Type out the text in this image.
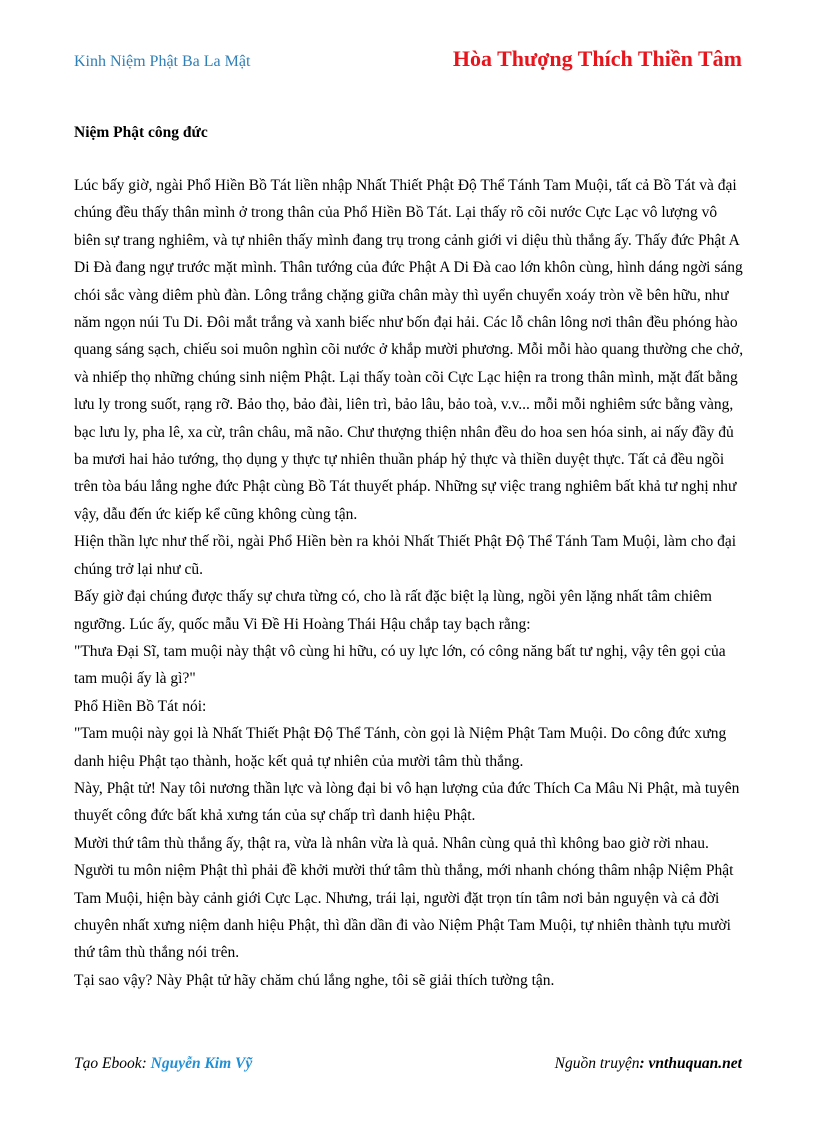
Kinh Niệm Phật Ba La Mật	Hòa Thượng Thích Thiền Tâm

Niệm Phật công đức

Lúc bấy giờ, ngài Phổ Hiền Bồ Tát liền nhập Nhất Thiết Phật Độ Thể Tánh Tam Muội, tất cả Bồ Tát và đại chúng đều thấy thân mình ở trong thân của Phổ Hiền Bồ Tát. Lại thấy rõ cõi nước Cực Lạc vô lượng vô biên sự trang nghiêm, và tự nhiên thấy mình đang trụ trong cảnh giới vi diệu thù thắng ấy. Thấy đức Phật A Di Đà đang ngự trước mặt mình. Thân tướng của đức Phật A Di Đà cao lớn khôn cùng, hình dáng ngời sáng chói sắc vàng diêm phù đàn. Lông trắng chặng giữa chân mày thì uyển chuyển xoáy tròn về bên hữu, như năm ngọn núi Tu Di. Đôi mắt trắng và xanh biếc như bốn đại hải. Các lỗ chân lông nơi thân đều phóng hào quang sáng sạch, chiếu soi muôn nghìn cõi nước ở khắp mười phương. Mỗi mỗi hào quang thường che chở, và nhiếp thọ những chúng sinh niệm Phật. Lại thấy toàn cõi Cực Lạc hiện ra trong thân mình, mặt đất bằng lưu ly trong suốt, rạng rỡ. Bảo thọ, bảo đài, liên trì, bảo lâu, bảo toà, v.v... mỗi mỗi nghiêm sức bằng vàng, bạc lưu ly, pha lê, xa cừ, trân châu, mã não. Chư thượng thiện nhân đều do hoa sen hóa sinh, ai nấy đầy đủ ba mươi hai hảo tướng, thọ dụng y thực tự nhiên thuần pháp hỷ thực và thiền duyệt thực. Tất cả đều ngồi trên tòa báu lắng nghe đức Phật cùng Bồ Tát thuyết pháp. Những sự việc trang nghiêm bất khả tư nghị như vậy, dẫu đến ức kiếp kể cũng không cùng tận.

Hiện thần lực như thế rồi, ngài Phổ Hiền bèn ra khỏi Nhất Thiết Phật Độ Thể Tánh Tam Muội, làm cho đại chúng trở lại như cũ.

Bấy giờ đại chúng được thấy sự chưa từng có, cho là rất đặc biệt lạ lùng, ngồi yên lặng nhất tâm chiêm ngưỡng. Lúc ấy, quốc mẫu Vi Đề Hi Hoàng Thái Hậu chắp tay bạch rằng:

"Thưa Đại Sĩ, tam muội này thật vô cùng hi hữu, có uy lực lớn, có công năng bất tư nghị, vậy tên gọi của tam muội ấy là gì?"

Phổ Hiền Bồ Tát nói:

"Tam muội này gọi là Nhất Thiết Phật Độ Thể Tánh, còn gọi là Niệm Phật Tam Muội. Do công đức xưng danh hiệu Phật tạo thành, hoặc kết quả tự nhiên của mười tâm thù thắng.

Này, Phật tử! Nay tôi nương thần lực và lòng đại bi vô hạn lượng của đức Thích Ca Mâu Ni Phật, mà tuyên thuyết công đức bất khả xưng tán của sự chấp trì danh hiệu Phật.

Mười thứ tâm thù thắng ấy, thật ra, vừa là nhân vừa là quả. Nhân cùng quả thì không bao giờ rời nhau. Người tu môn niệm Phật thì phải đề khởi mười thứ tâm thù thắng, mới nhanh chóng thâm nhập Niệm Phật Tam Muội, hiện bày cảnh giới Cực Lạc. Nhưng, trái lại, người đặt trọn tín tâm nơi bản nguyện và cả đời chuyên nhất xưng niệm danh hiệu Phật, thì dần dần đi vào Niệm Phật Tam Muội, tự nhiên thành tựu mười thứ tâm thù thắng nói trên.

Tại sao vậy? Này Phật tử hãy chăm chú lắng nghe, tôi sẽ giải thích tường tận.

Tạo Ebook: Nguyễn Kim Vỹ	Nguồn truyện: vnthuquan.net
